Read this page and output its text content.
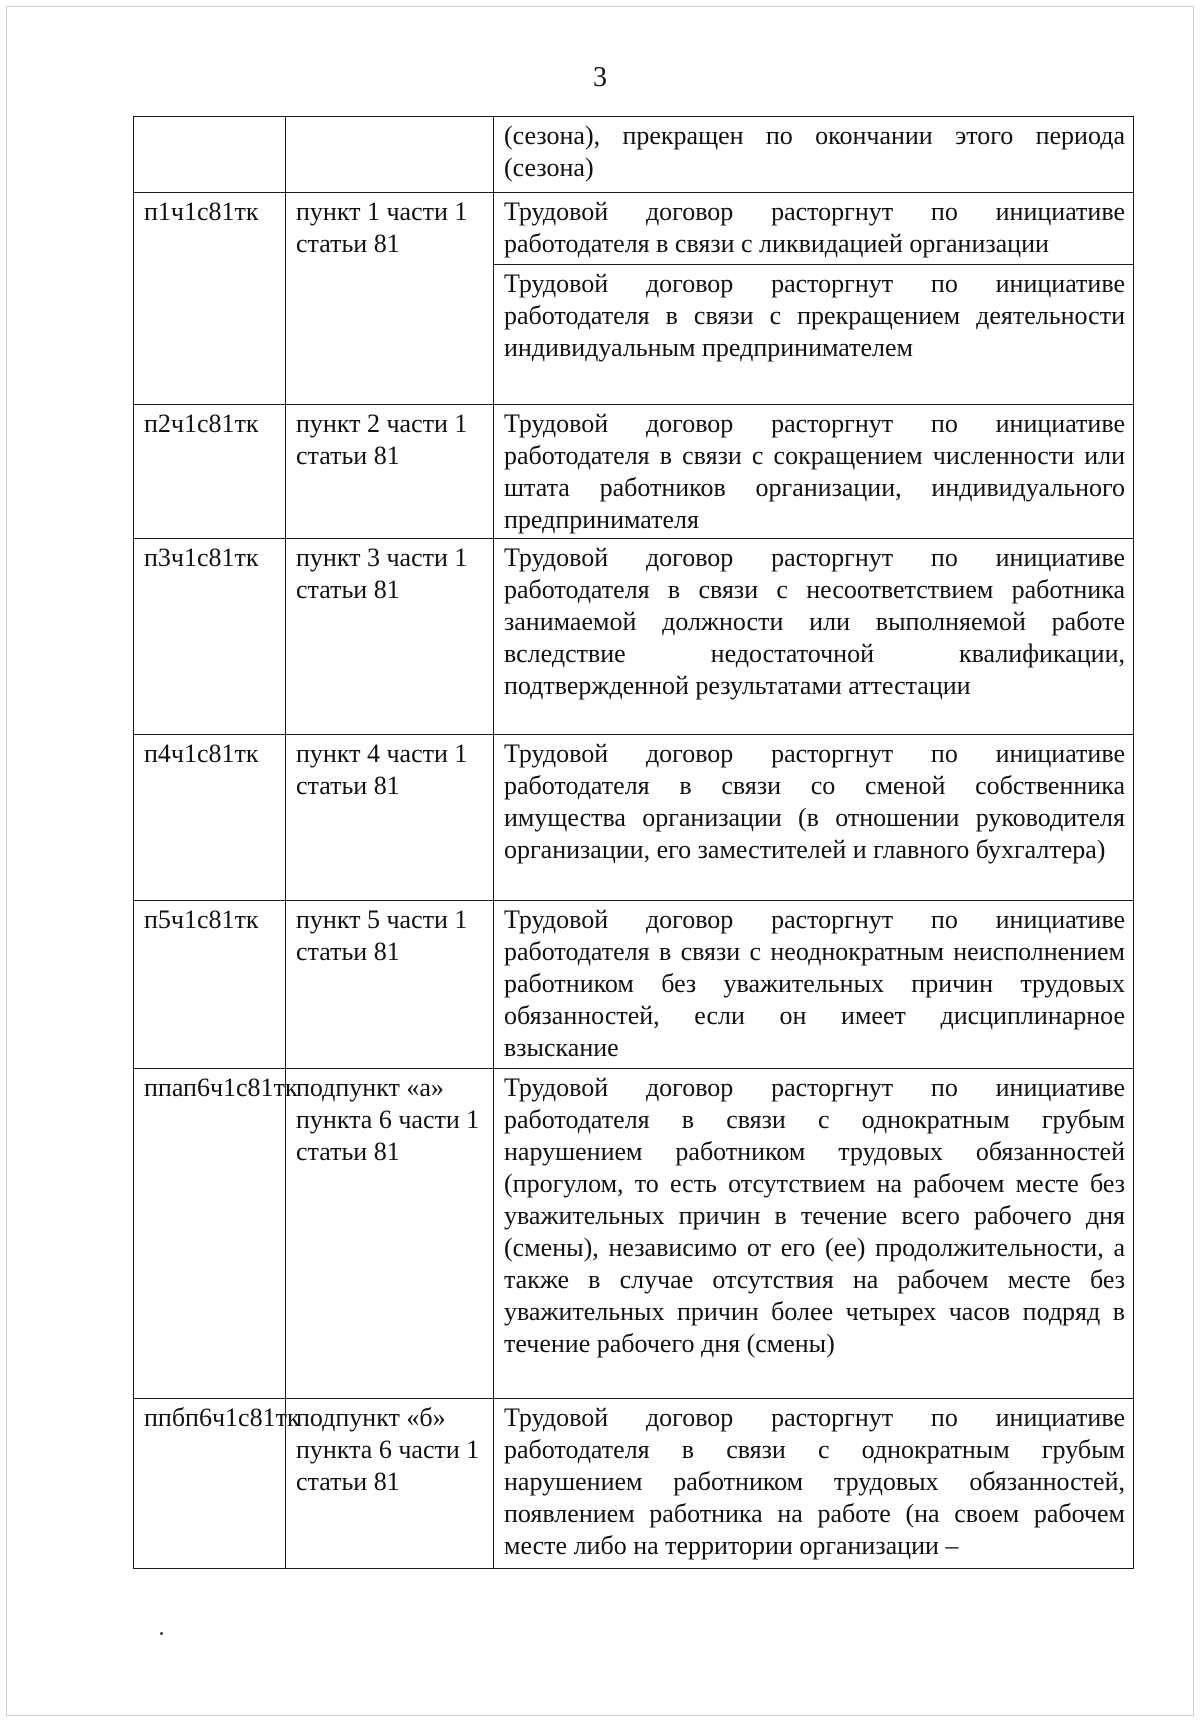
3
		(сезона), прекращен по окончании этого периода (сезона)
п1ч1с81тк	пункт 1 части 1 статьи 81	Трудовой договор расторгнут по инициативе работодателя в связи с ликвидацией организации
		Трудовой договор расторгнут по инициативе работодателя в связи с прекращением деятельности индивидуальным предпринимателем
п2ч1с81тк	пункт 2 части 1 статьи 81	Трудовой договор расторгнут по инициативе работодателя в связи с сокращением численности или штата работников организации, индивидуального предпринимателя
п3ч1с81тк	пункт 3 части 1 статьи 81	Трудовой договор расторгнут по инициативе работодателя в связи с несоответствием работника занимаемой должности или выполняемой работе вследствие недостаточной квалификации, подтвержденной результатами аттестации
п4ч1с81тк	пункт 4 части 1 статьи 81	Трудовой договор расторгнут по инициативе работодателя в связи со сменой собственника имущества организации (в отношении руководителя организации, его заместителей и главного бухгалтера)
п5ч1с81тк	пункт 5 части 1 статьи 81	Трудовой договор расторгнут по инициативе работодателя в связи с неоднократным неисполнением работником без уважительных причин трудовых обязанностей, если он имеет дисциплинарное взыскание
ппап6ч1с81тк	подпункт «а» пункта 6 части 1 статьи 81	Трудовой договор расторгнут по инициативе работодателя в связи с однократным грубым нарушением работником трудовых обязанностей (прогулом, то есть отсутствием на рабочем месте без уважительных причин в течение всего рабочего дня (смены), независимо от его (ее) продолжительности, а также в случае отсутствия на рабочем месте без уважительных причин более четырех часов подряд в течение рабочего дня (смены)
ппбп6ч1с81тк	подпункт «б» пункта 6 части 1 статьи 81	Трудовой договор расторгнут по инициативе работодателя в связи с однократным грубым нарушением работником трудовых обязанностей, появлением работника на работе (на своем рабочем месте либо на территории организации –
